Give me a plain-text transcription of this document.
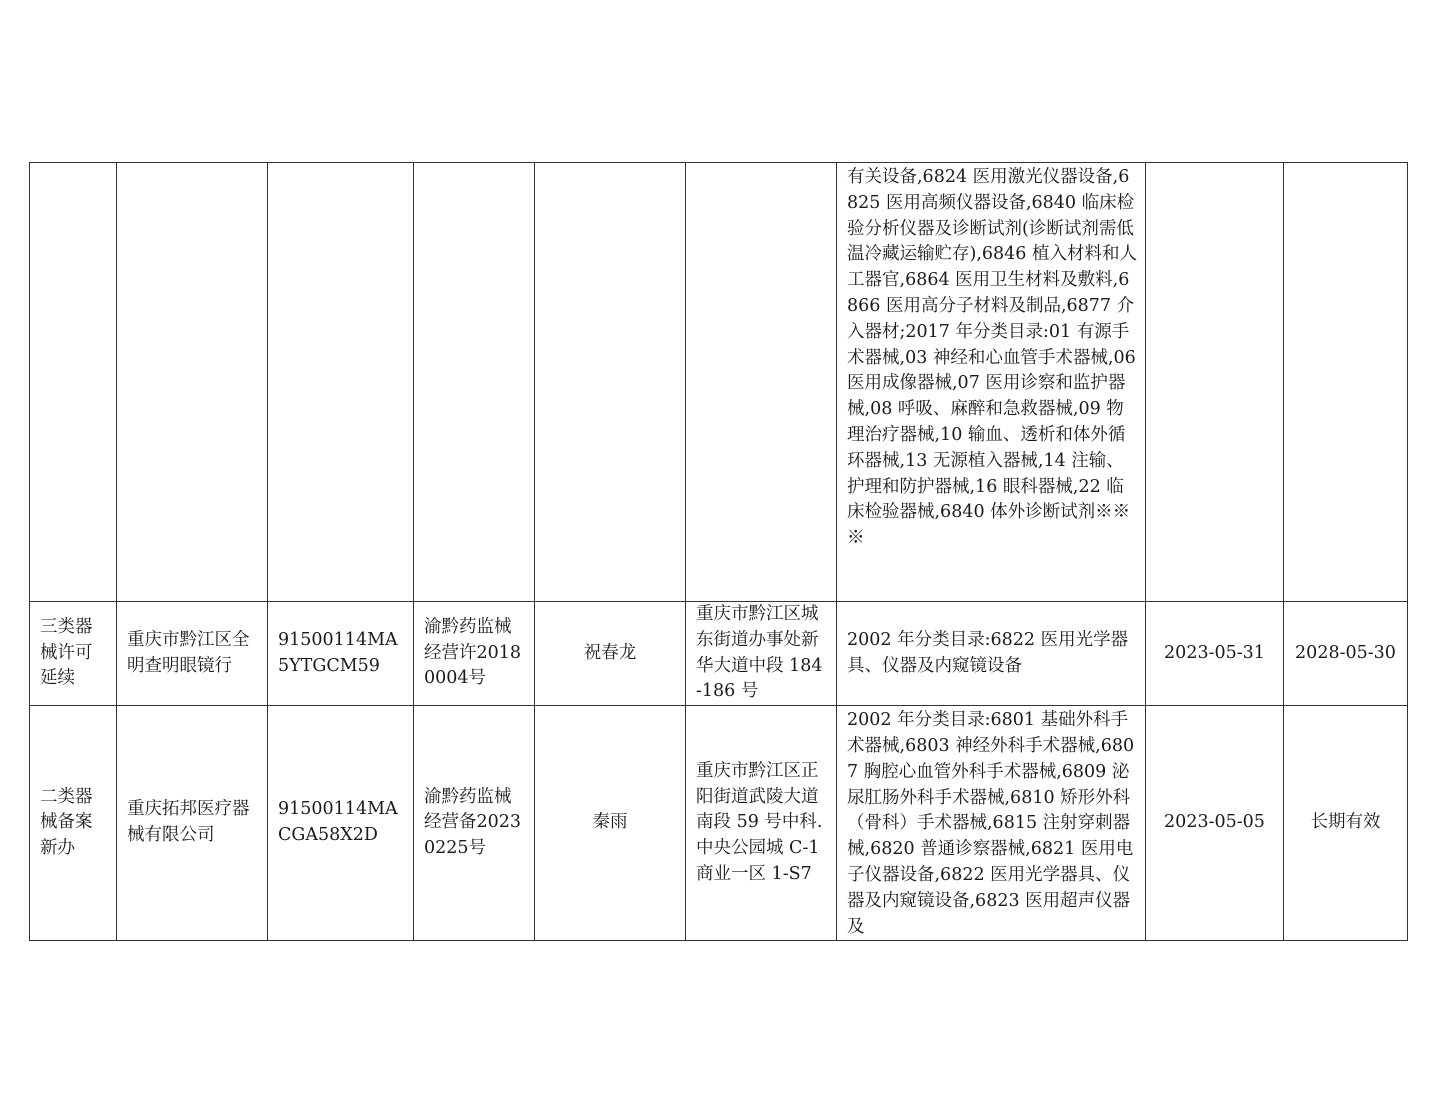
						有关设备,6824 医用激光仪器设备,6825 医用高频仪器设备,6840 临床检验分析仪器及诊断试剂(诊断试剂需低温冷藏运输贮存),6846 植入材料和人工器官,6864 医用卫生材料及敷料,6866 医用高分子材料及制品,6877 介入器材;2017 年分类目录:01 有源手术器械,03 神经和心血管手术器械,06 医用成像器械,07 医用诊察和监护器械,08 呼吸、麻醉和急救器械,09 物理治疗器械,10 输血、透析和体外循环器械,13 无源植入器械,14 注输、护理和防护器械,16 眼科器械,22 临床检验器械,6840 体外诊断试剂※※※		
三类器械许可延续	重庆市黔江区全明查明眼镜行	91500114MA5YTGCM59	渝黔药监械经营许20180004号	祝春龙	重庆市黔江区城东街道办事处新华大道中段 184-186 号	2002 年分类目录:6822 医用光学器具、仪器及内窥镜设备	2023-05-31	2028-05-30
二类器械备案新办	重庆拓邦医疗器械有限公司	91500114MACGA58X2D	渝黔药监械经营备20230225号	秦雨	重庆市黔江区正阳街道武陵大道南段 59 号中科.中央公园城 C-1 商业一区 1-S7	2002 年分类目录:6801 基础外科手术器械,6803 神经外科手术器械,6807 胸腔心血管外科手术器械,6809 泌尿肛肠外科手术器械,6810 矫形外科（骨科）手术器械,6815 注射穿刺器械,6820 普通诊察器械,6821 医用电子仪器设备,6822 医用光学器具、仪器及内窥镜设备,6823 医用超声仪器及	2023-05-05	长期有效
